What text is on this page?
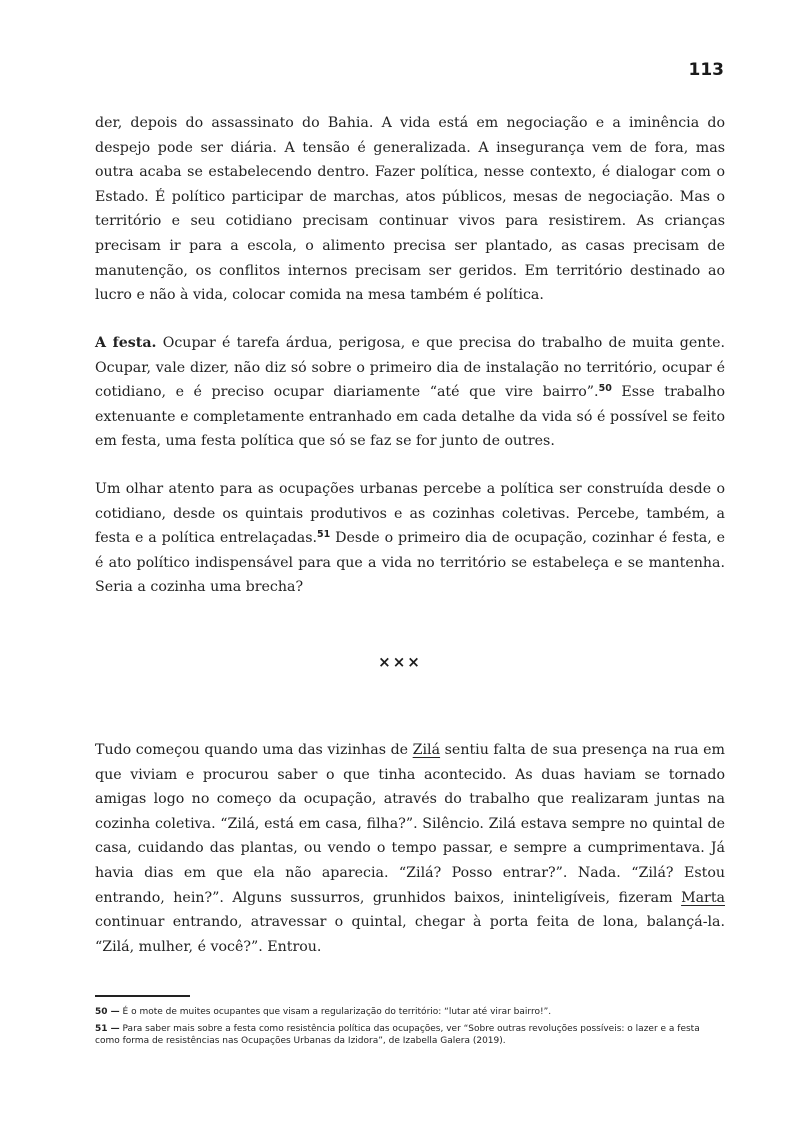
113

der, depois do assassinato do Bahia. A vida está em negociação e a iminência do despejo pode ser diária. A tensão é generalizada. A insegurança vem de fora, mas outra acaba se estabelecendo dentro. Fazer política, nesse contexto, é dialogar com o Estado. É político participar de marchas, atos públicos, mesas de negociação. Mas o território e seu cotidiano precisam continuar vivos para resistirem. As crianças precisam ir para a escola, o alimento precisa ser plantado, as casas precisam de manutenção, os conflitos internos precisam ser geridos. Em território destinado ao lucro e não à vida, colocar comida na mesa também é política.

A festa. Ocupar é tarefa árdua, perigosa, e que precisa do trabalho de muita gente. Ocupar, vale dizer, não diz só sobre o primeiro dia de instalação no território, ocupar é cotidiano, e é preciso ocupar diariamente “até que vire bairro”.$^{50}$ Esse trabalho extenuante e completamente entranhado em cada detalhe da vida só é possível se feito em festa, uma festa política que só se faz se for junto de outres.

Um olhar atento para as ocupações urbanas percebe a política ser construída desde o cotidiano, desde os quintais produtivos e as cozinhas coletivas. Percebe, também, a festa e a política entrelaçadas.$^{51}$ Desde o primeiro dia de ocupação, cozinhar é festa, e é ato político indispensável para que a vida no território se estabeleça e se mantenha. Seria a cozinha uma brecha?

×××

Tudo começou quando uma das vizinhas de Zilá sentiu falta de sua presença na rua em que viviam e procurou saber o que tinha acontecido. As duas haviam se tornado amigas logo no começo da ocupação, através do trabalho que realizaram juntas na cozinha coletiva. “Zilá, está em casa, filha?”. Silêncio. Zilá estava sempre no quintal de casa, cuidando das plantas, ou vendo o tempo passar, e sempre a cumprimentava. Já havia dias em que ela não aparecia. “Zilá? Posso entrar?”. Nada. “Zilá? Estou entrando, hein?”. Alguns sussurros, grunhidos baixos, ininteligíveis, fizeram Marta continuar entrando, atravessar o quintal, chegar à porta feita de lona, balançá-la. “Zilá, mulher, é você?”. Entrou.

50 — É o mote de muites ocupantes que visam a regularização do território: “lutar até virar bairro!”.

51 — Para saber mais sobre a festa como resistência política das ocupações, ver “Sobre outras revoluções possíveis: o lazer e a festa como forma de resistências nas Ocupações Urbanas da Izidora”, de Izabella Galera (2019).
